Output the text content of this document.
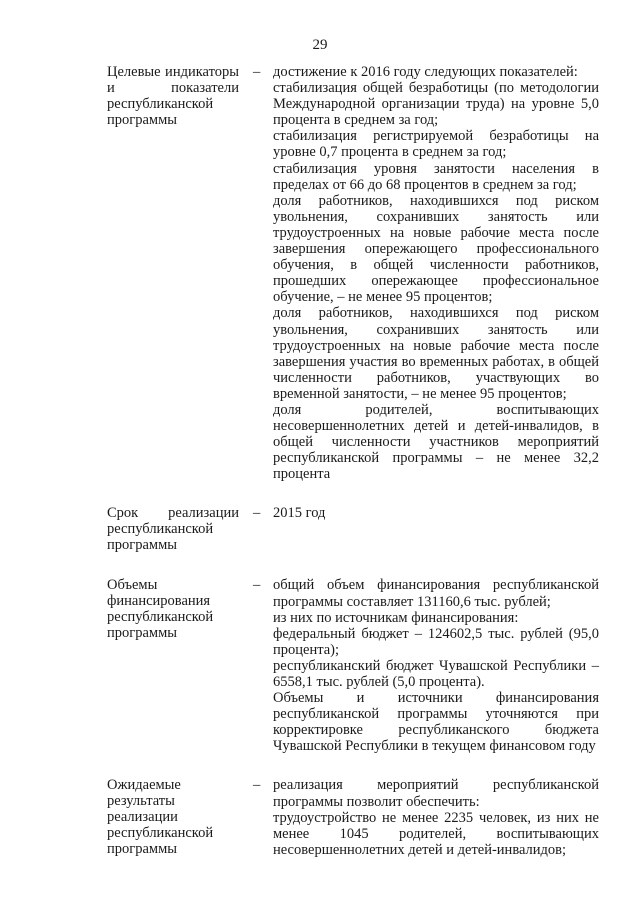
29

Целевые индикаторы и показатели республиканской программы

– достижение к 2016 году следующих показателей:

стабилизация общей безработицы (по методологии Международной организации труда) на уровне 5,0 процента в среднем за год;

стабилизация регистрируемой безработицы на уровне 0,7 процента в среднем за год;

стабилизация уровня занятости населения в пределах от 66 до 68 процентов в среднем за год;

доля работников, находившихся под риском увольнения, сохранивших занятость или трудоустроенных на новые рабочие места после завершения опережающего профессионального обучения, в общей численности работников, прошедших опережающее профессиональное обучение, – не менее 95 процентов;

доля работников, находившихся под риском увольнения, сохранивших занятость или трудоустроенных на новые рабочие места после завершения участия во временных работах, в общей численности работников, участвующих во временной занятости, – не менее 95 процентов;

доля родителей, воспитывающих несовершеннолетних детей и детей-инвалидов, в общей численности участников мероприятий республиканской программы – не менее 32,2 процента

Срок реализации республиканской программы

– 2015 год

Объемы финансирования республиканской программы

– общий объем финансирования республиканской программы составляет 131160,6 тыс. рублей;

из них по источникам финансирования:

федеральный бюджет – 124602,5 тыс. рублей (95,0 процента);

республиканский бюджет Чувашской Республики – 6558,1 тыс. рублей (5,0 процента).

Объемы и источники финансирования республиканской программы уточняются при корректировке республиканского бюджета Чувашской Республики в текущем финансовом году

Ожидаемые результаты реализации республиканской программы

– реализация мероприятий республиканской программы позволит обеспечить:

трудоустройство не менее 2235 человек, из них не менее 1045 родителей, воспитывающих несовершеннолетних детей и детей-инвалидов;
